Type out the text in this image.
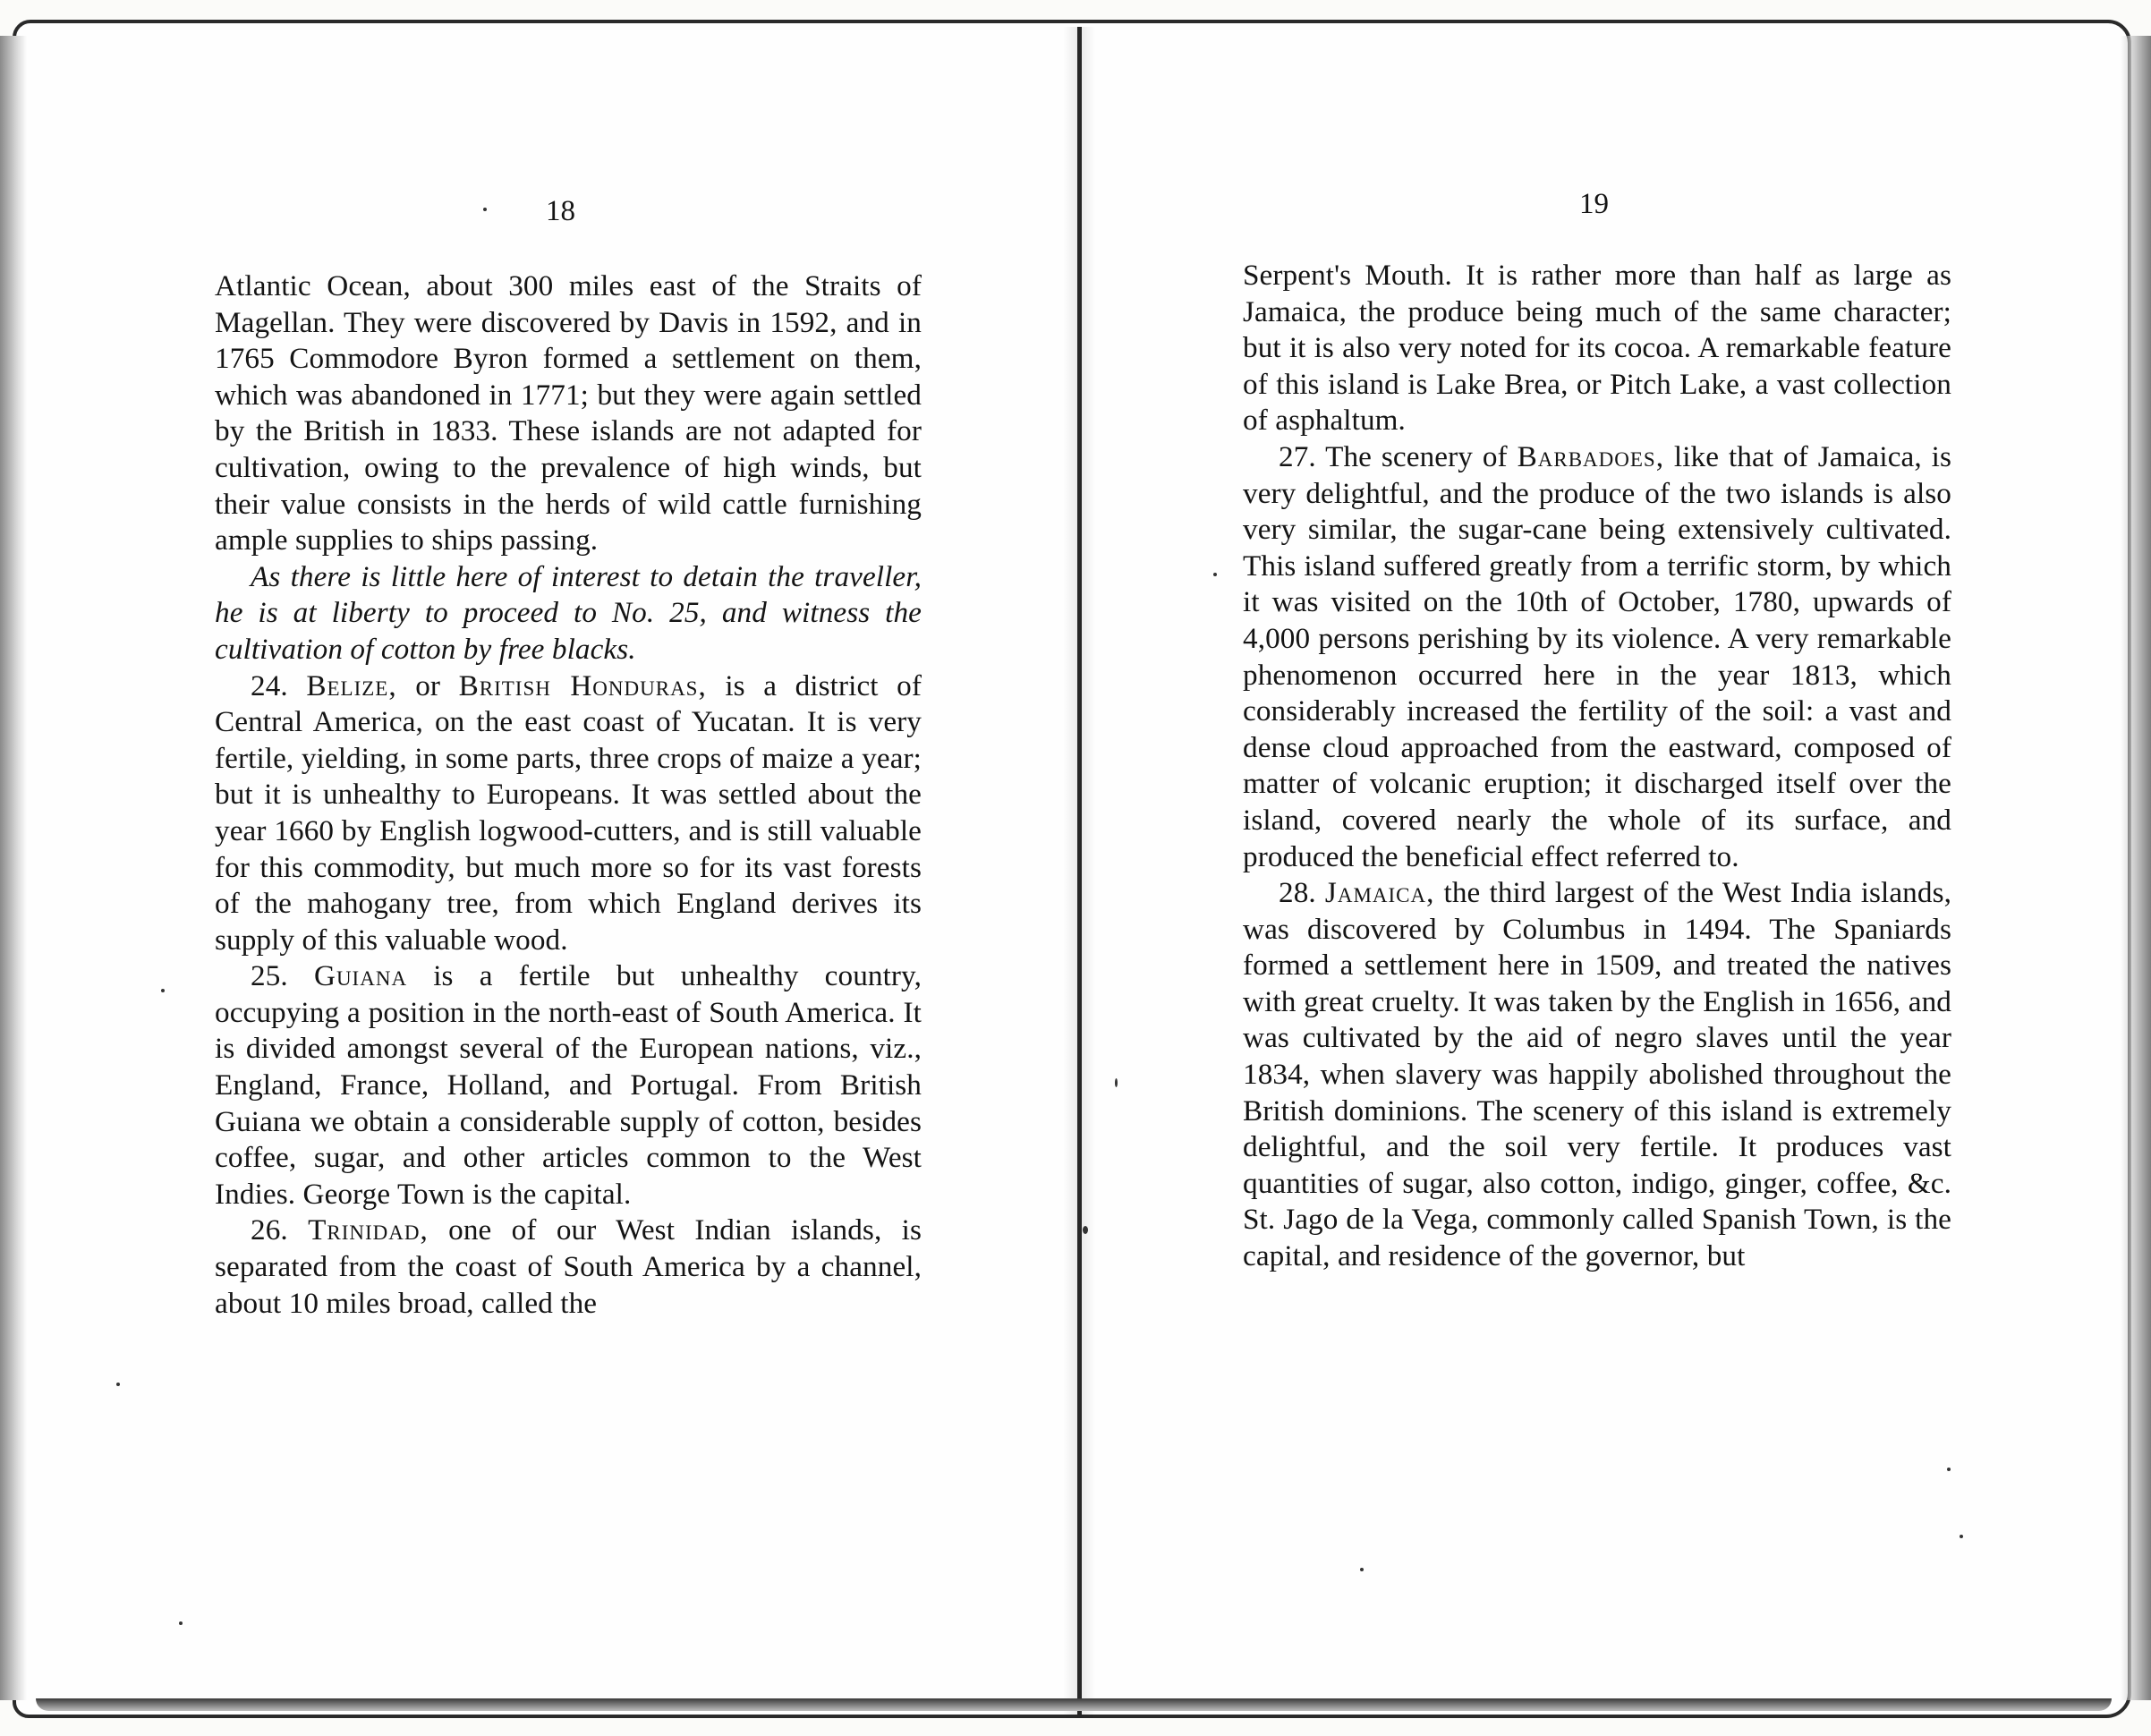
18

Atlantic Ocean, about 300 miles east of the Straits of Magellan. They were discovered by Davis in 1592, and in 1765 Commodore Byron formed a settlement on them, which was abandoned in 1771; but they were again settled by the British in 1833. These islands are not adapted for cultivation, owing to the prevalence of high winds, but their value consists in the herds of wild cattle furnishing ample supplies to ships passing.

As there is little here of interest to detain the traveller, he is at liberty to proceed to No. 25, and witness the cultivation of cotton by free blacks.

24. Belize, or British Honduras, is a district of Central America, on the east coast of Yucatan. It is very fertile, yielding, in some parts, three crops of maize a year; but it is unhealthy to Europeans. It was settled about the year 1660 by English logwood-cutters, and is still valuable for this commodity, but much more so for its vast forests of the mahogany tree, from which England derives its supply of this valuable wood.

25. Guiana is a fertile but unhealthy country, occupying a position in the north-east of South America. It is divided amongst several of the European nations, viz., England, France, Holland, and Portugal. From British Guiana we obtain a considerable supply of cotton, besides coffee, sugar, and other articles common to the West Indies. George Town is the capital.

26. Trinidad, one of our West Indian islands, is separated from the coast of South America by a channel, about 10 miles broad, called the

19

Serpent's Mouth. It is rather more than half as large as Jamaica, the produce being much of the same character; but it is also very noted for its cocoa. A remarkable feature of this island is Lake Brea, or Pitch Lake, a vast collection of asphaltum.

27. The scenery of Barbadoes, like that of Jamaica, is very delightful, and the produce of the two islands is also very similar, the sugar-cane being extensively cultivated. This island suffered greatly from a terrific storm, by which it was visited on the 10th of October, 1780, upwards of 4,000 persons perishing by its violence. A very remarkable phenomenon occurred here in the year 1813, which considerably increased the fertility of the soil: a vast and dense cloud approached from the eastward, composed of matter of volcanic eruption; it discharged itself over the island, covered nearly the whole of its surface, and produced the beneficial effect referred to.

28. Jamaica, the third largest of the West India islands, was discovered by Columbus in 1494. The Spaniards formed a settlement here in 1509, and treated the natives with great cruelty. It was taken by the English in 1656, and was cultivated by the aid of negro slaves until the year 1834, when slavery was happily abolished throughout the British dominions. The scenery of this island is extremely delightful, and the soil very fertile. It produces vast quantities of sugar, also cotton, indigo, ginger, coffee, &c. St. Jago de la Vega, commonly called Spanish Town, is the capital, and residence of the governor, but
